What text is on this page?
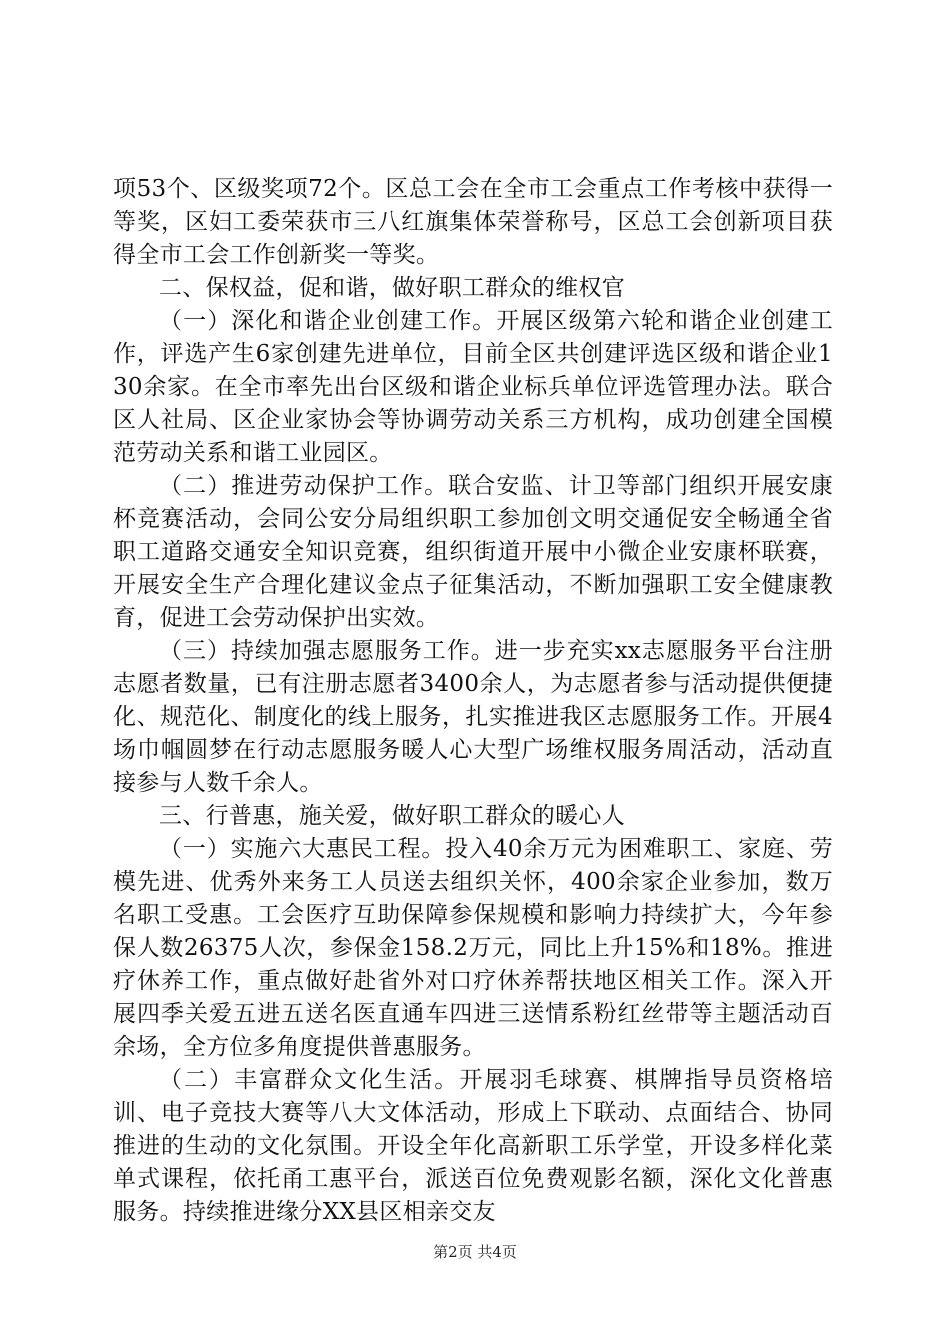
项53个、区级奖项72个。区总工会在全市工会重点工作考核中获得一等奖，区妇工委荣获市三八红旗集体荣誉称号，区总工会创新项目获得全市工会工作创新奖一等奖。

二、保权益，促和谐，做好职工群众的维权官

（一）深化和谐企业创建工作。开展区级第六轮和谐企业创建工作，评选产生6家创建先进单位，目前全区共创建评选区级和谐企业130余家。在全市率先出台区级和谐企业标兵单位评选管理办法。联合区人社局、区企业家协会等协调劳动关系三方机构，成功创建全国模范劳动关系和谐工业园区。

（二）推进劳动保护工作。联合安监、计卫等部门组织开展安康杯竞赛活动，会同公安分局组织职工参加创文明交通促安全畅通全省职工道路交通安全知识竞赛，组织街道开展中小微企业安康杯联赛，开展安全生产合理化建议金点子征集活动，不断加强职工安全健康教育，促进工会劳动保护出实效。

（三）持续加强志愿服务工作。进一步充实xx志愿服务平台注册志愿者数量，已有注册志愿者3400余人，为志愿者参与活动提供便捷化、规范化、制度化的线上服务，扎实推进我区志愿服务工作。开展4场巾帼圆梦在行动志愿服务暖人心大型广场维权服务周活动，活动直接参与人数千余人。

三、行普惠，施关爱，做好职工群众的暖心人

（一）实施六大惠民工程。投入40余万元为困难职工、家庭、劳模先进、优秀外来务工人员送去组织关怀，400余家企业参加，数万名职工受惠。工会医疗互助保障参保规模和影响力持续扩大，今年参保人数26375人次，参保金158.2万元，同比上升15%和18%。推进疗休养工作，重点做好赴省外对口疗休养帮扶地区相关工作。深入开展四季关爱五进五送名医直通车四进三送情系粉红丝带等主题活动百余场，全方位多角度提供普惠服务。

（二）丰富群众文化生活。开展羽毛球赛、棋牌指导员资格培训、电子竞技大赛等八大文体活动，形成上下联动、点面结合、协同推进的生动的文化氛围。开设全年化高新职工乐学堂，开设多样化菜单式课程，依托甬工惠平台，派送百位免费观影名额，深化文化普惠服务。持续推进缘分XX县区相亲交友

第2页 共4页
